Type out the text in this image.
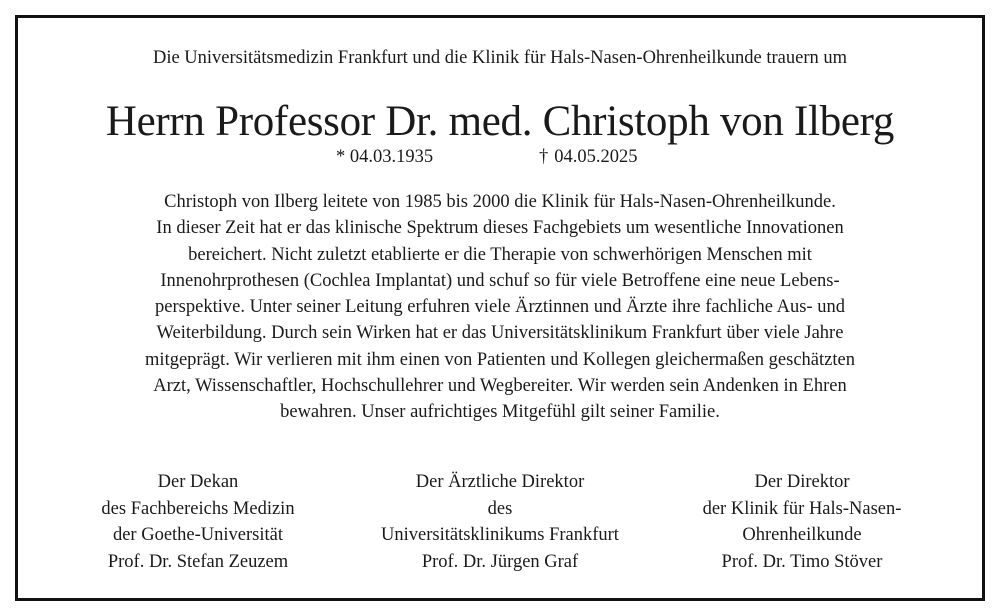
Die Universitätsmedizin Frankfurt und die Klinik für Hals-Nasen-Ohrenheilkunde trauern um
Herrn Professor Dr. med. Christoph von Ilberg
* 04.03.1935	† 04.05.2025
Christoph von Ilberg leitete von 1985 bis 2000 die Klinik für Hals-Nasen-Ohrenheilkunde.
In dieser Zeit hat er das klinische Spektrum dieses Fachgebiets um wesentliche Innovationen
bereichert. Nicht zuletzt etablierte er die Therapie von schwerhörigen Menschen mit
Innenohrprothesen (Cochlea Implantat) und schuf so für viele Betroffene eine neue Lebens-
perspektive. Unter seiner Leitung erfuhren viele Ärztinnen und Ärzte ihre fachliche Aus- und
Weiterbildung. Durch sein Wirken hat er das Universitätsklinikum Frankfurt über viele Jahre
mitgeprägt. Wir verlieren mit ihm einen von Patienten und Kollegen gleichermaßen geschätzten
Arzt, Wissenschaftler, Hochschullehrer und Wegbereiter. Wir werden sein Andenken in Ehren
bewahren. Unser aufrichtiges Mitgefühl gilt seiner Familie.
Der Dekan
des Fachbereichs Medizin
der Goethe-Universität
Prof. Dr. Stefan Zeuzem
Der Ärztliche Direktor
des
Universitätsklinikums Frankfurt
Prof. Dr. Jürgen Graf
Der Direktor
der Klinik für Hals-Nasen-
Ohrenheilkunde
Prof. Dr. Timo Stöver
